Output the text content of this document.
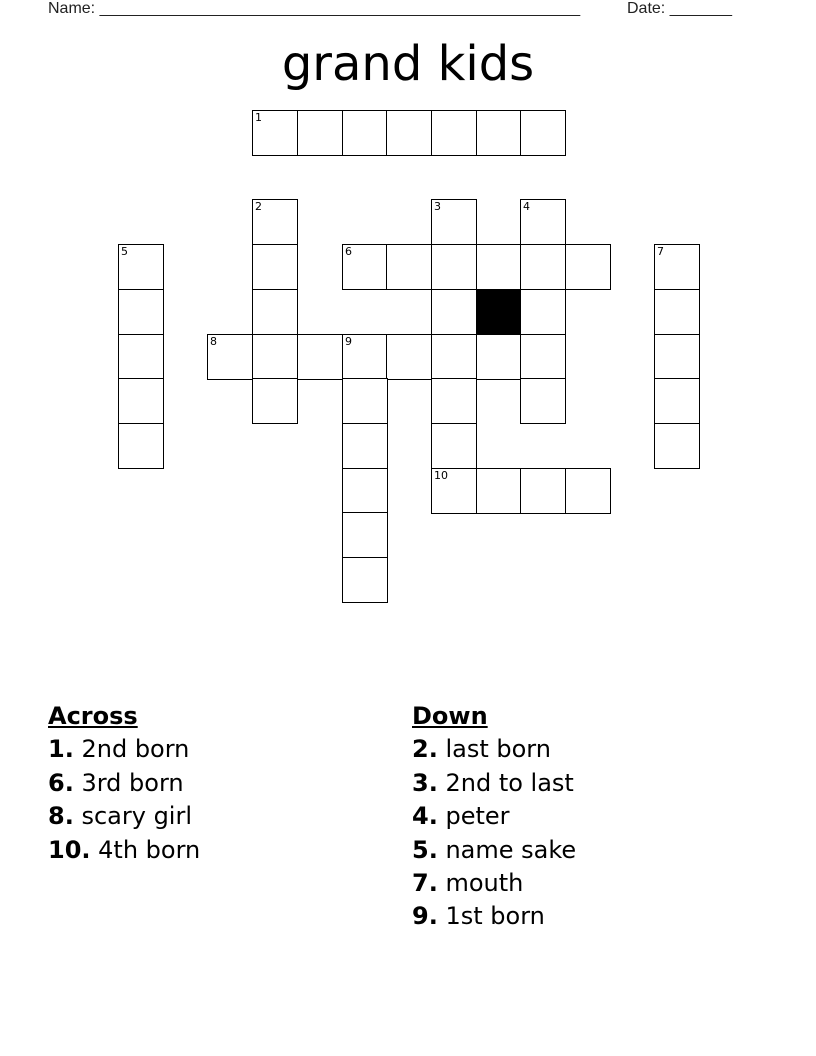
Name: ______________________________________________________	Date: _______
grand kids
1
2	3	4
5	6	7
8	9
10
Across
1. 2nd born
6. 3rd born
8. scary girl
10. 4th born
Down
2. last born
3. 2nd to last
4. peter
5. name sake
7. mouth
9. 1st born
